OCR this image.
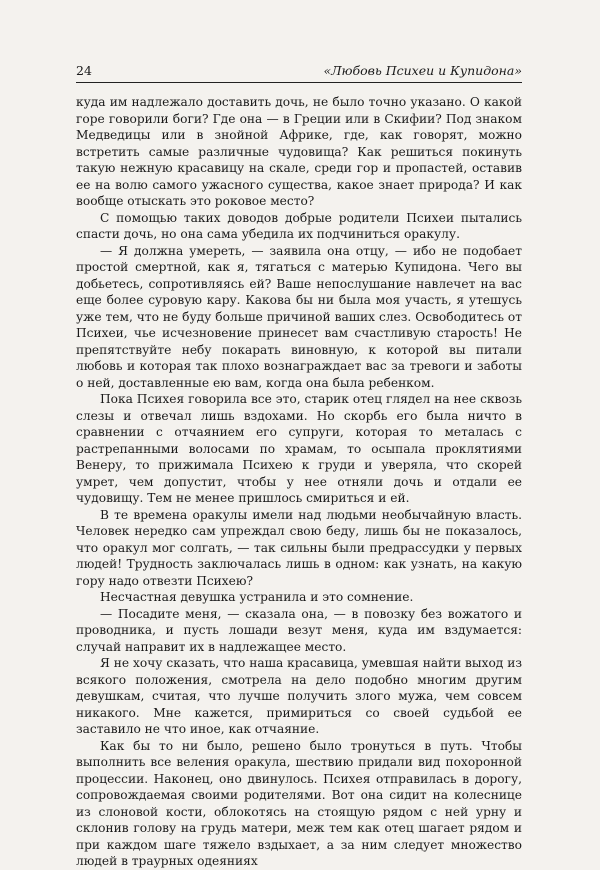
24	«Любовь Психеи и Купидона»

куда им надлежало доставить дочь, не было точно указано. О какой горе говорили боги? Где она — в Греции или в Скифии? Под знаком Медведицы или в знойной Африке, где, как говорят, можно встретить самые различные чудовища? Как решиться покинуть такую нежную красавицу на скале, среди гор и пропастей, оставив ее на волю самого ужасного существа, какое знает природа? И как вообще отыскать это роковое место?

С помощью таких доводов добрые родители Психеи пытались спасти дочь, но она сама убедила их подчиниться оракулу.

— Я должна умереть, — заявила она отцу, — ибо не подобает простой смертной, как я, тягаться с матерью Купидона. Чего вы добьетесь, сопротивляясь ей? Ваше непослушание навлечет на вас еще более суровую кару. Какова бы ни была моя участь, я утешусь уже тем, что не буду больше причиной ваших слез. Освободитесь от Психеи, чье исчезновение принесет вам счастливую старость! Не препятствуйте небу покарать виновную, к которой вы питали любовь и которая так плохо вознаграждает вас за тревоги и заботы о ней, доставленные ею вам, когда она была ребенком.

Пока Психея говорила все это, старик отец глядел на нее сквозь слезы и отвечал лишь вздохами. Но скорбь его была ничто в сравнении с отчаянием его супруги, которая то металась с растрепанными волосами по храмам, то осыпала проклятиями Венеру, то прижимала Психею к груди и уверяла, что скорей умрет, чем допустит, чтобы у нее отняли дочь и отдали ее чудовищу. Тем не менее пришлось смириться и ей.

В те времена оракулы имели над людьми необычайную власть. Человек нередко сам упреждал свою беду, лишь бы не показалось, что оракул мог солгать, — так сильны были предрассудки у первых людей! Трудность заключалась лишь в одном: как узнать, на какую гору надо отвезти Психею?

Несчастная девушка устранила и это сомнение.

— Посадите меня, — сказала она, — в повозку без вожатого и проводника, и пусть лошади везут меня, куда им вздумается: случай направит их в надлежащее место.

Я не хочу сказать, что наша красавица, умевшая найти выход из всякого положения, смотрела на дело подобно многим другим девушкам, считая, что лучше получить злого мужа, чем совсем никакого. Мне кажется, примириться со своей судьбой ее заставило не что иное, как отчаяние.

Как бы то ни было, решено было тронуться в путь. Чтобы выполнить все веления оракула, шествию придали вид похоронной процессии. Наконец, оно двинулось. Психея отправилась в дорогу, сопровождаемая своими родителями. Вот она сидит на колеснице из слоновой кости, облокотясь на стоящую рядом с ней урну и склонив голову на грудь матери, меж тем как отец шагает рядом и при каждом шаге тяжело вздыхает, а за ним следует множество людей в траурных одеяниях
